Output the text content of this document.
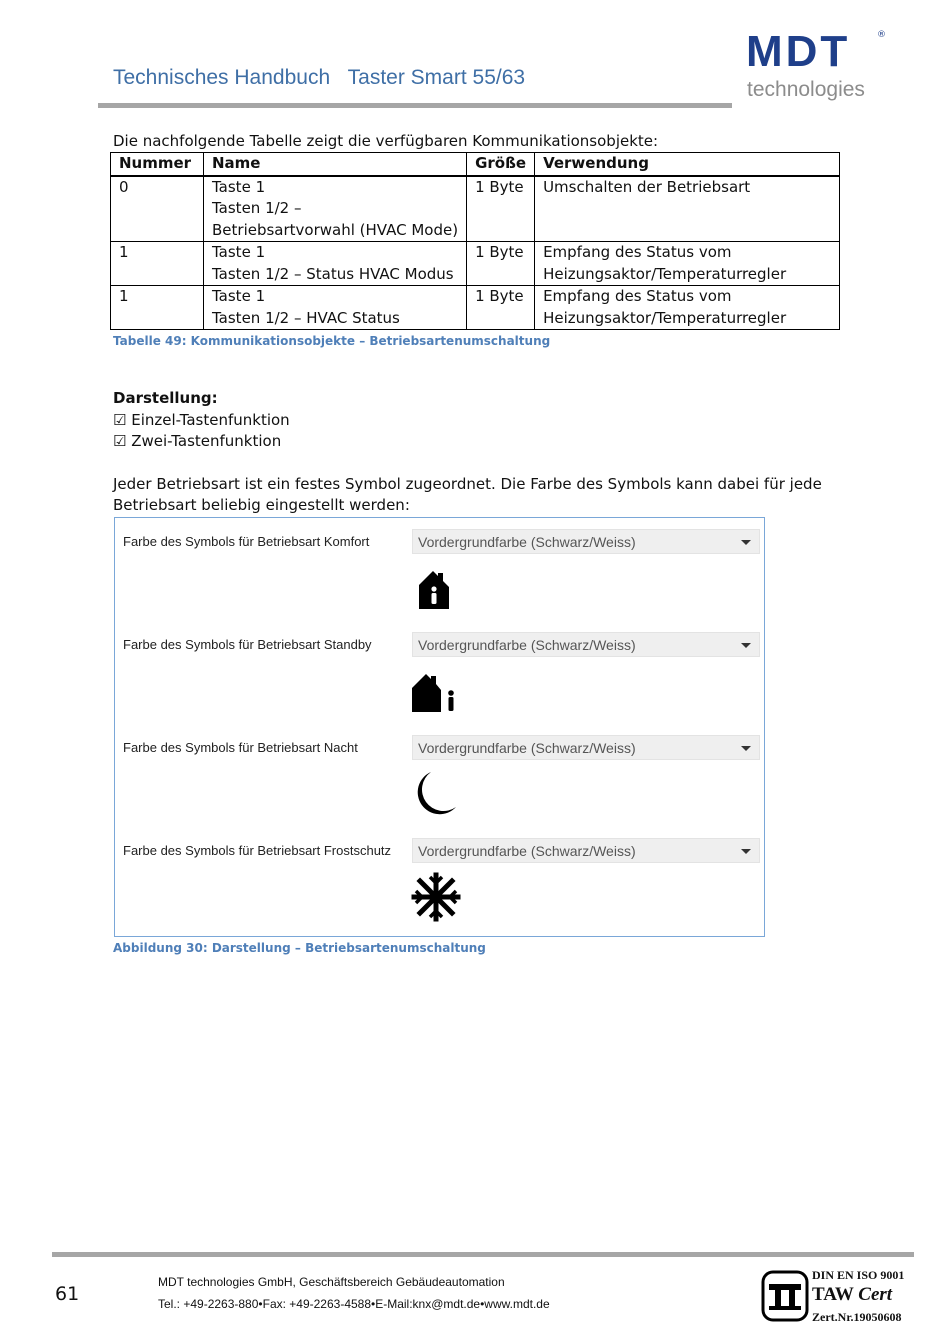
Technisches Handbuch Taster Smart 55/63
MDT	®
technologies
Die nachfolgende Tabelle zeigt die verfügbaren Kommunikationsobjekte:
Nummer	Name	Größe	Verwendung
0	Taste 1
Tasten 1/2 –
Betriebsartvorwahl (HVAC Mode)	1 Byte	Umschalten der Betriebsart

1	Taste 1
Tasten 1/2 – Status HVAC Modus	1 Byte	Empfang des Status vom
Heizungsaktor/Temperaturregler

1	Taste 1
Tasten 1/2 – HVAC Status	1 Byte	Empfang des Status vom
Heizungsaktor/Temperaturregler
Tabelle 49: Kommunikationsobjekte – Betriebsartenumschaltung
Darstellung:
☑ Einzel-Tastenfunktion
☑ Zwei-Tastenfunktion
Jeder Betriebsart ist ein festes Symbol zugeordnet. Die Farbe des Symbols kann dabei für jede Betriebsart beliebig eingestellt werden:
Farbe des Symbols für Betriebsart Komfort	Vordergrundfarbe (Schwarz/Weiss)
Farbe des Symbols für Betriebsart Standby	Vordergrundfarbe (Schwarz/Weiss)
Farbe des Symbols für Betriebsart Nacht	Vordergrundfarbe (Schwarz/Weiss)
Farbe des Symbols für Betriebsart Frostschutz	Vordergrundfarbe (Schwarz/Weiss)
Abbildung 30: Darstellung – Betriebsartenumschaltung
61
MDT technologies GmbH, Geschäftsbereich Gebäudeautomation
Tel.: +49-2263-880•Fax: +49-2263-4588•E-Mail:knx@mdt.de•www.mdt.de
DIN EN ISO 9001
TAW Cert
Zert.Nr.19050608
